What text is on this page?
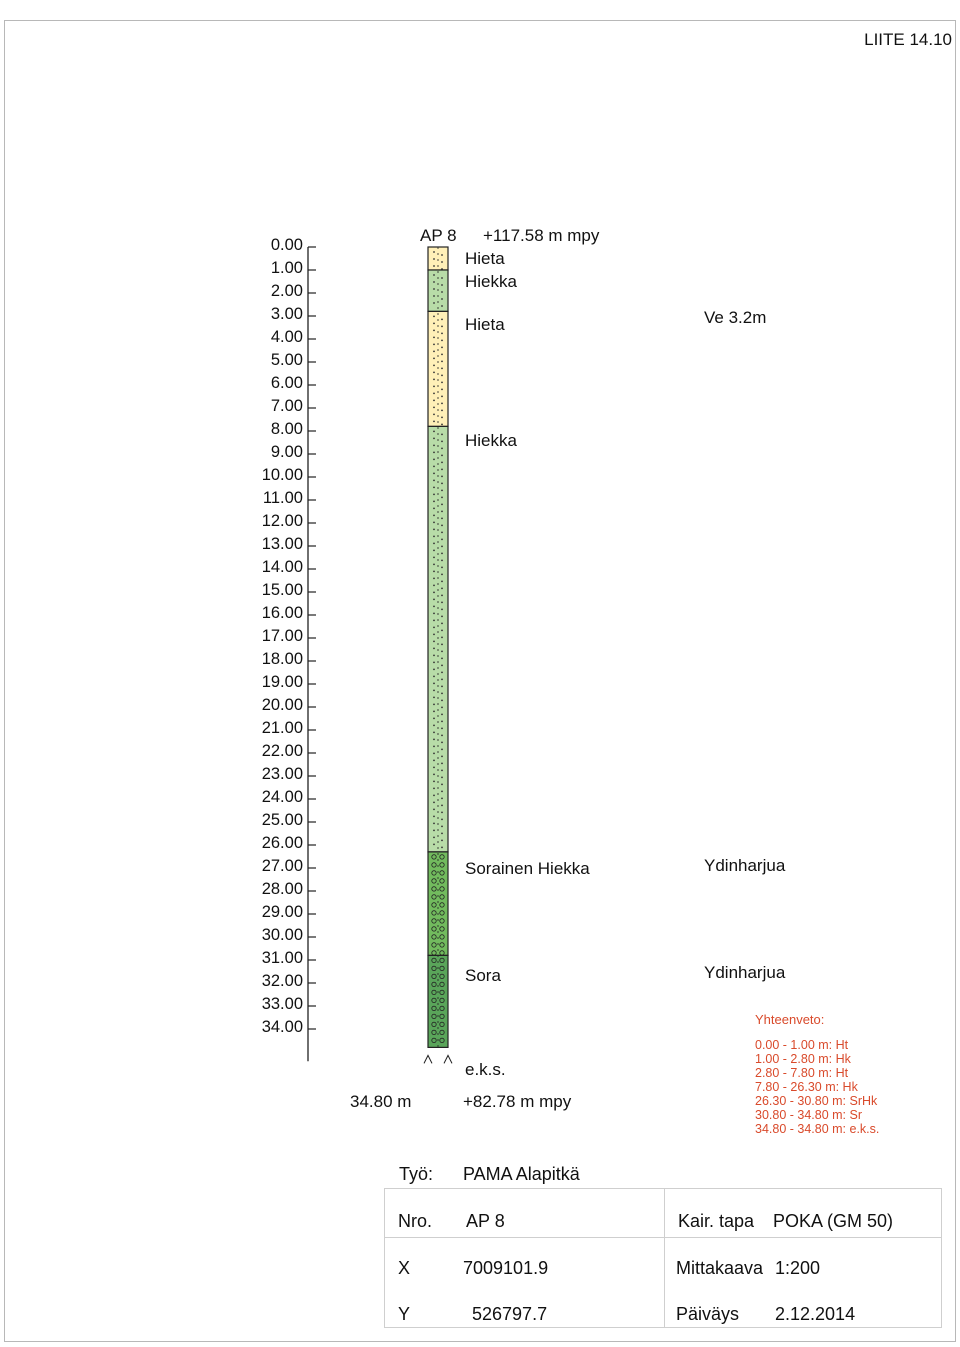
LIITE 14.10
0.00
1.00
2.00
3.00
4.00
5.00
6.00
7.00
8.00
9.00
10.00
11.00
12.00
13.00
14.00
15.00
16.00
17.00
18.00
19.00
20.00
21.00
22.00
23.00
24.00
25.00
26.00
27.00
28.00
29.00
30.00
31.00
32.00
33.00
34.00
AP 8 +117.58 m mpy
Hieta
Hiekka
Hieta
Hiekka
Sorainen Hiekka
Sora
Ve 3.2m
Ydinharjua
Ydinharjua
e.k.s.
34.80 m	+82.78 m mpy
Yhteenveto:
0.00 - 1.00 m: Ht
1.00 - 2.80 m: Hk
2.80 - 7.80 m: Ht
7.80 - 26.30 m: Hk
26.30 - 30.80 m: SrHk
30.80 - 34.80 m: Sr
34.80 - 34.80 m: e.k.s.
Työ: PAMA Alapitkä
Nro. AP 8	Kair. tapa POKA (GM 50)
X	7009101.9	Mittakaava 1:200
Y	526797.7	Päiväys 2.12.2014
